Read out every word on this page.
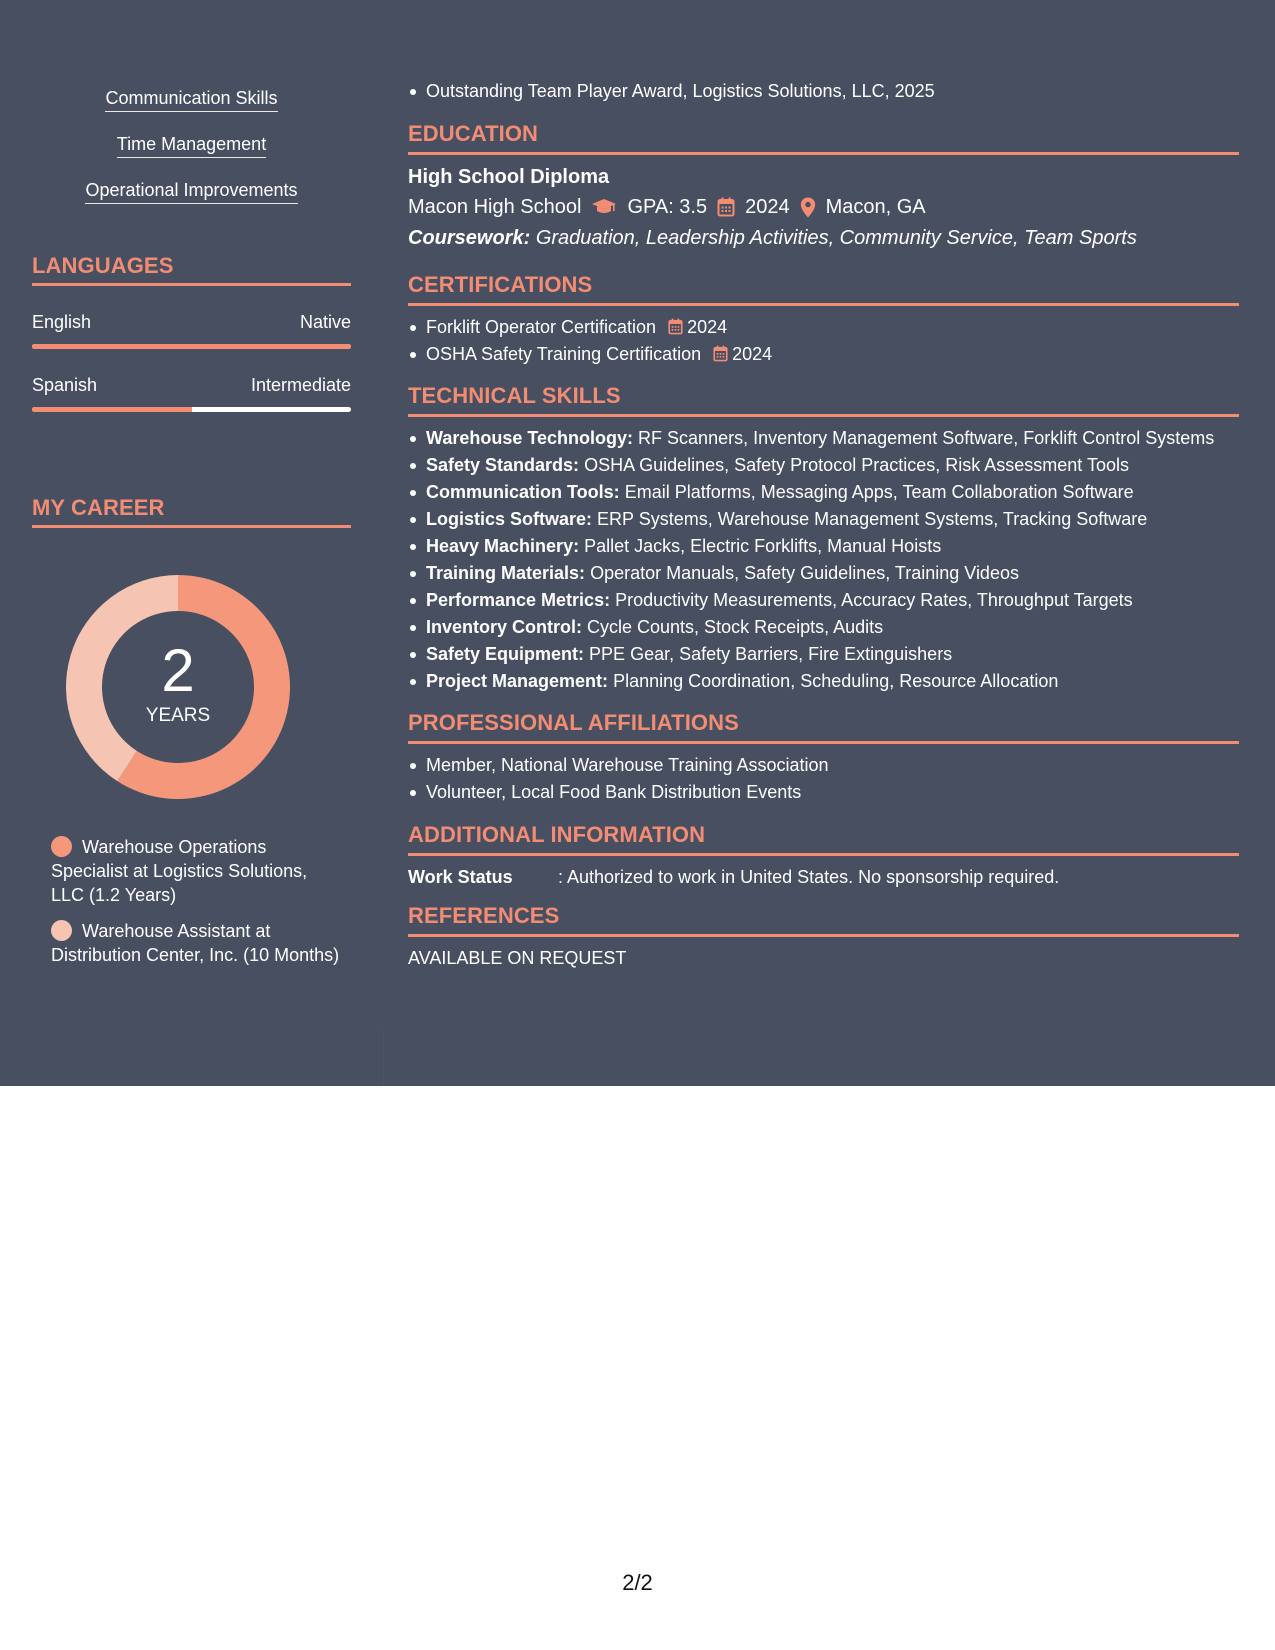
Communication Skills
Time Management
Operational Improvements
LANGUAGES
English	Native
Spanish	Intermediate
MY CAREER
2
YEARS
Warehouse Operations Specialist at Logistics Solutions, LLC (1.2 Years)
Warehouse Assistant at Distribution Center, Inc. (10 Months)
Outstanding Team Player Award, Logistics Solutions, LLC, 2025
EDUCATION
High School Diploma
Macon High School GPA: 3.5 2024 Macon, GA
Coursework: Graduation, Leadership Activities, Community Service, Team Sports
CERTIFICATIONS
Forklift Operator Certification 2024
OSHA Safety Training Certification 2024
TECHNICAL SKILLS
Warehouse Technology: RF Scanners, Inventory Management Software, Forklift Control Systems
Safety Standards: OSHA Guidelines, Safety Protocol Practices, Risk Assessment Tools
Communication Tools: Email Platforms, Messaging Apps, Team Collaboration Software
Logistics Software: ERP Systems, Warehouse Management Systems, Tracking Software
Heavy Machinery: Pallet Jacks, Electric Forklifts, Manual Hoists
Training Materials: Operator Manuals, Safety Guidelines, Training Videos
Performance Metrics: Productivity Measurements, Accuracy Rates, Throughput Targets
Inventory Control: Cycle Counts, Stock Receipts, Audits
Safety Equipment: PPE Gear, Safety Barriers, Fire Extinguishers
Project Management: Planning Coordination, Scheduling, Resource Allocation
PROFESSIONAL AFFILIATIONS
Member, National Warehouse Training Association
Volunteer, Local Food Bank Distribution Events
ADDITIONAL INFORMATION
Work Status	: Authorized to work in United States. No sponsorship required.
REFERENCES
AVAILABLE ON REQUEST
2/2
